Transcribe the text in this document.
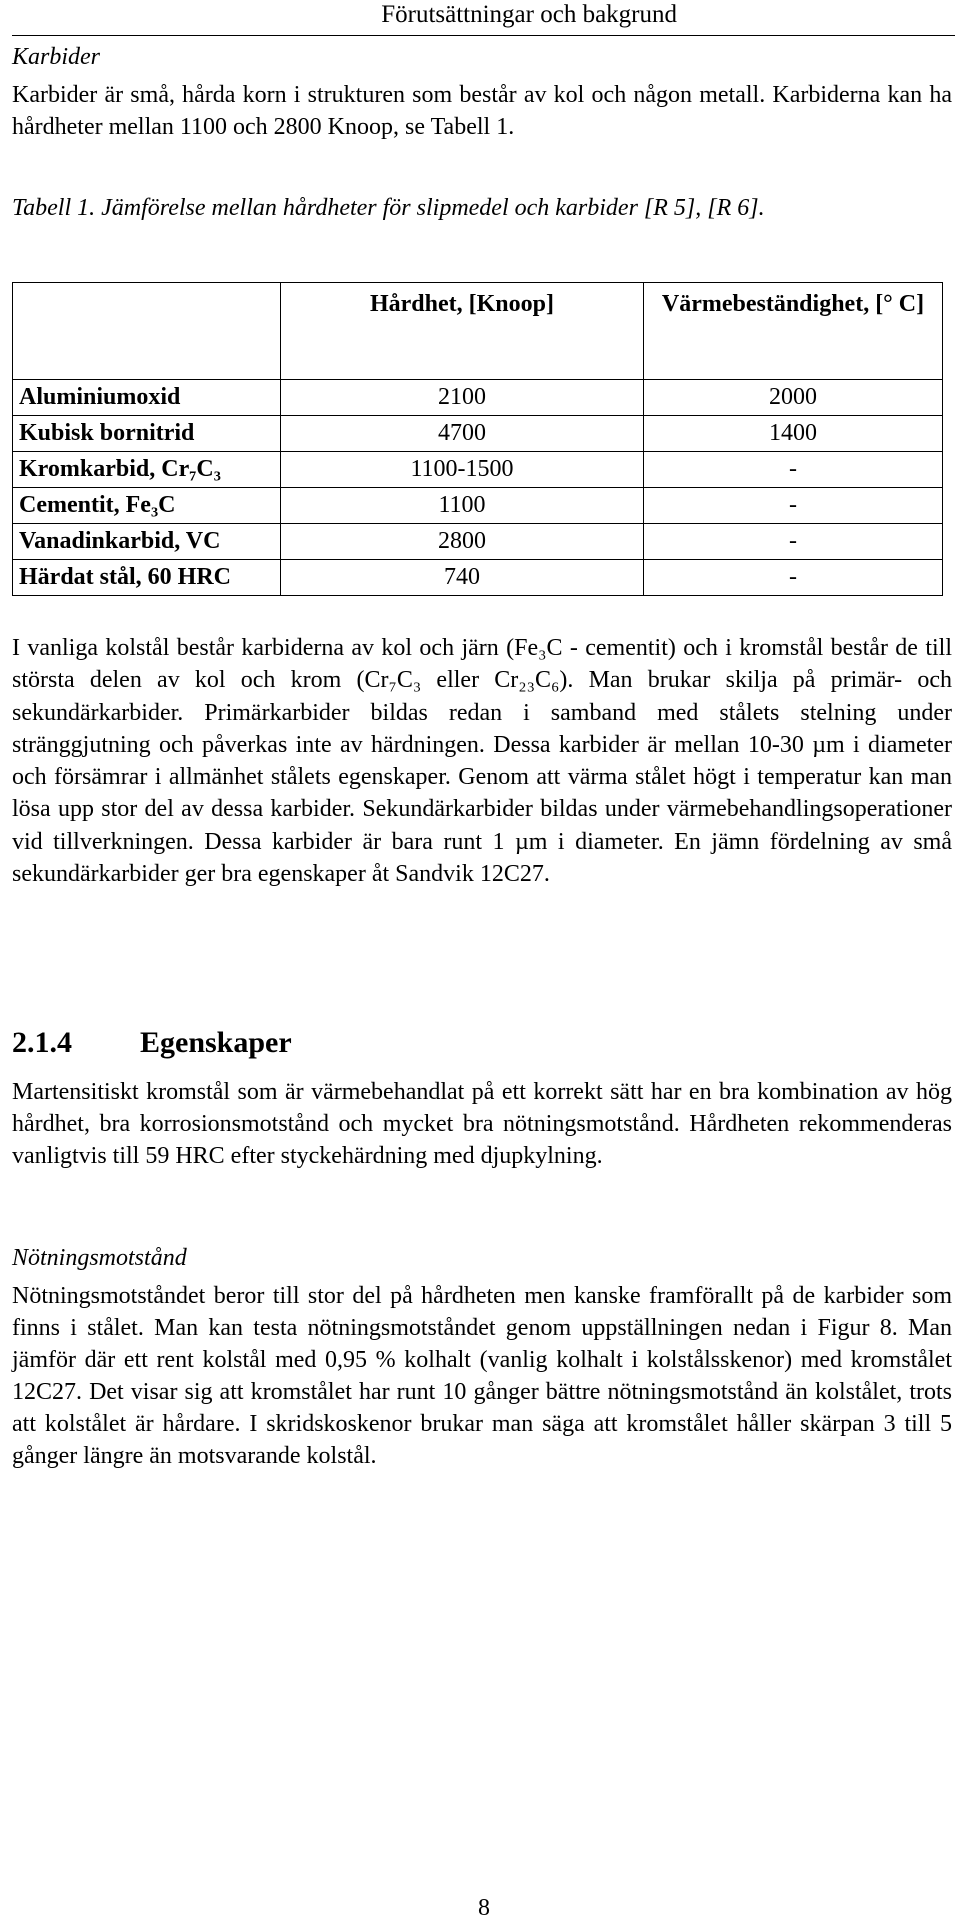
Förutsättningar och bakgrund
Karbider

Karbider är små, hårda korn i strukturen som består av kol och någon metall. Karbiderna kan ha hårdheter mellan 1100 och 2800 Knoop, se Tabell 1.

Tabell 1. Jämförelse mellan hårdheter för slipmedel och karbider [R 5], [R 6].

	Hårdhet, [Knoop]	Värmebeständighet, [° C]
Aluminiumoxid	2100	2000
Kubisk bornitrid	4700	1400
Kromkarbid, Cr₇C₃	1100-1500	-
Cementit, Fe₃C	1100	-
Vanadinkarbid, VC	2800	-
Härdat stål, 60 HRC	740	-

I vanliga kolstål består karbiderna av kol och järn (Fe₃C - cementit) och i kromstål består de till största delen av kol och krom (Cr₇C₃ eller Cr₂₃C₆). Man brukar skilja på primär- och sekundärkarbider. Primärkarbider bildas redan i samband med stålets stelning under stränggjutning och påverkas inte av härdningen. Dessa karbider är mellan 10-30 µm i diameter och försämrar i allmänhet stålets egenskaper. Genom att värma stålet högt i temperatur kan man lösa upp stor del av dessa karbider. Sekundärkarbider bildas under värmebehandlingsoperationer vid tillverkningen. Dessa karbider är bara runt 1 µm i diameter. En jämn fördelning av små sekundärkarbider ger bra egenskaper åt Sandvik 12C27.

2.1.4 Egenskaper

Martensitiskt kromstål som är värmebehandlat på ett korrekt sätt har en bra kombination av hög hårdhet, bra korrosionsmotstånd och mycket bra nötningsmotstånd. Hårdheten rekommenderas vanligtvis till 59 HRC efter styckehärdning med djupkylning.

Nötningsmotstånd

Nötningsmotståndet beror till stor del på hårdheten men kanske framförallt på de karbider som finns i stålet. Man kan testa nötningsmotståndet genom uppställningen nedan i Figur 8. Man jämför där ett rent kolstål med 0,95 % kolhalt (vanlig kolhalt i kolstålsskenor) med kromstålet 12C27. Det visar sig att kromstålet har runt 10 gånger bättre nötningsmotstånd än kolstålet, trots att kolstålet är hårdare. I skridskoskenor brukar man säga att kromstålet håller skärpan 3 till 5 gånger längre än motsvarande kolstål.

8
